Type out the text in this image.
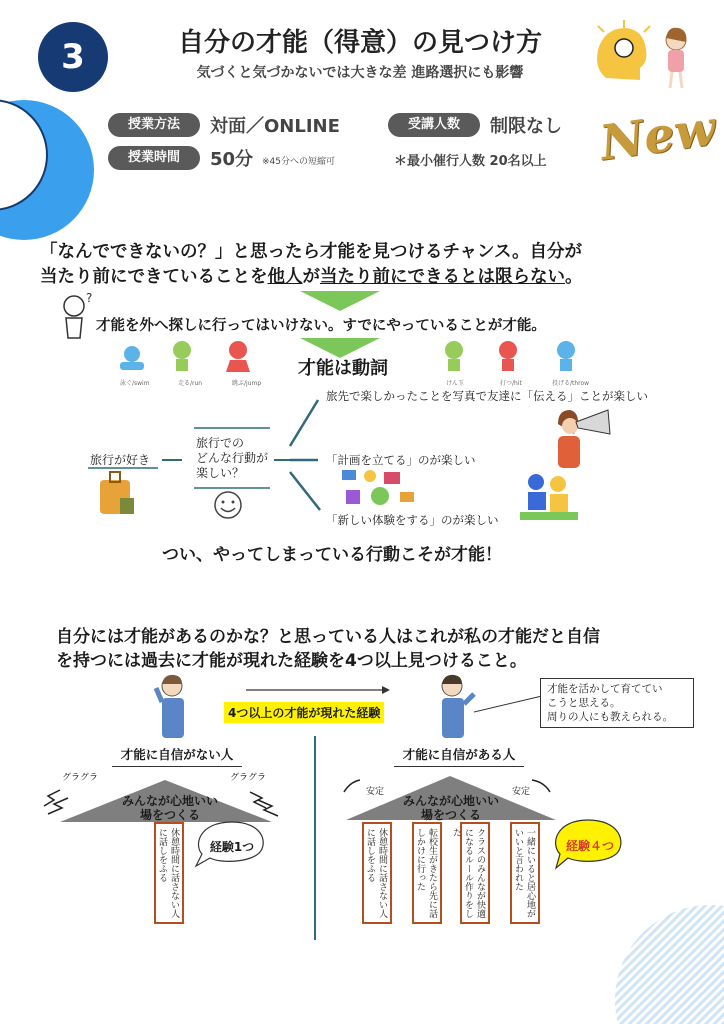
3	自分の才能（得意）の見つけ方
気づくと気づかないでは大きな差 進路選択にも影響
授業方法	対面／ONLINE
授業時間	50分 ※45分への短縮可
受講人数	制限なし
＊最小催行人数 20名以上 New
「なんでできないの？」と思ったら才能を見つけるチャンス。自分が
当たり前にできていることを他人が当たり前にできるとは限らない。
?
才能を外へ探しに行ってはいけない。すでにやっていることが才能。
泳ぐ/swim	走る/run	跳ぶ/jump
才能は動詞
けん玉	打つ/hit	投げる/throw
旅行が好き
旅行での
どんな行動が
楽しい？
旅先で楽しかったことを写真で友達に「伝える」ことが楽しい
「計画を立てる」のが楽しい
「新しい体験をする」のが楽しい
つい、やってしまっている行動こそが才能！
自分には才能があるのかな？と思っている人はこれが私の才能だと自信
を持つには過去に才能が現れた経験を4つ以上見つけること。
4つ以上の才能が現れた経験
才能を活かして育ててい
こうと思える。
周りの人にも教えられる。
才能に自信がない人	才能に自信がある人
グラグラ	グラグラ
みんなが心地いい
場をつくる
休憩時間に話さない人に話しをふる	経験1つ
安定	安定
みんなが心地いい
場をつくる
休憩時間に話さない人に話しをふる	転校生がきたら先に話しかけに行った	クラスのみんなが快適になるルール作りをした	一緒にいると居心地がいいと言われた	経験４つ
